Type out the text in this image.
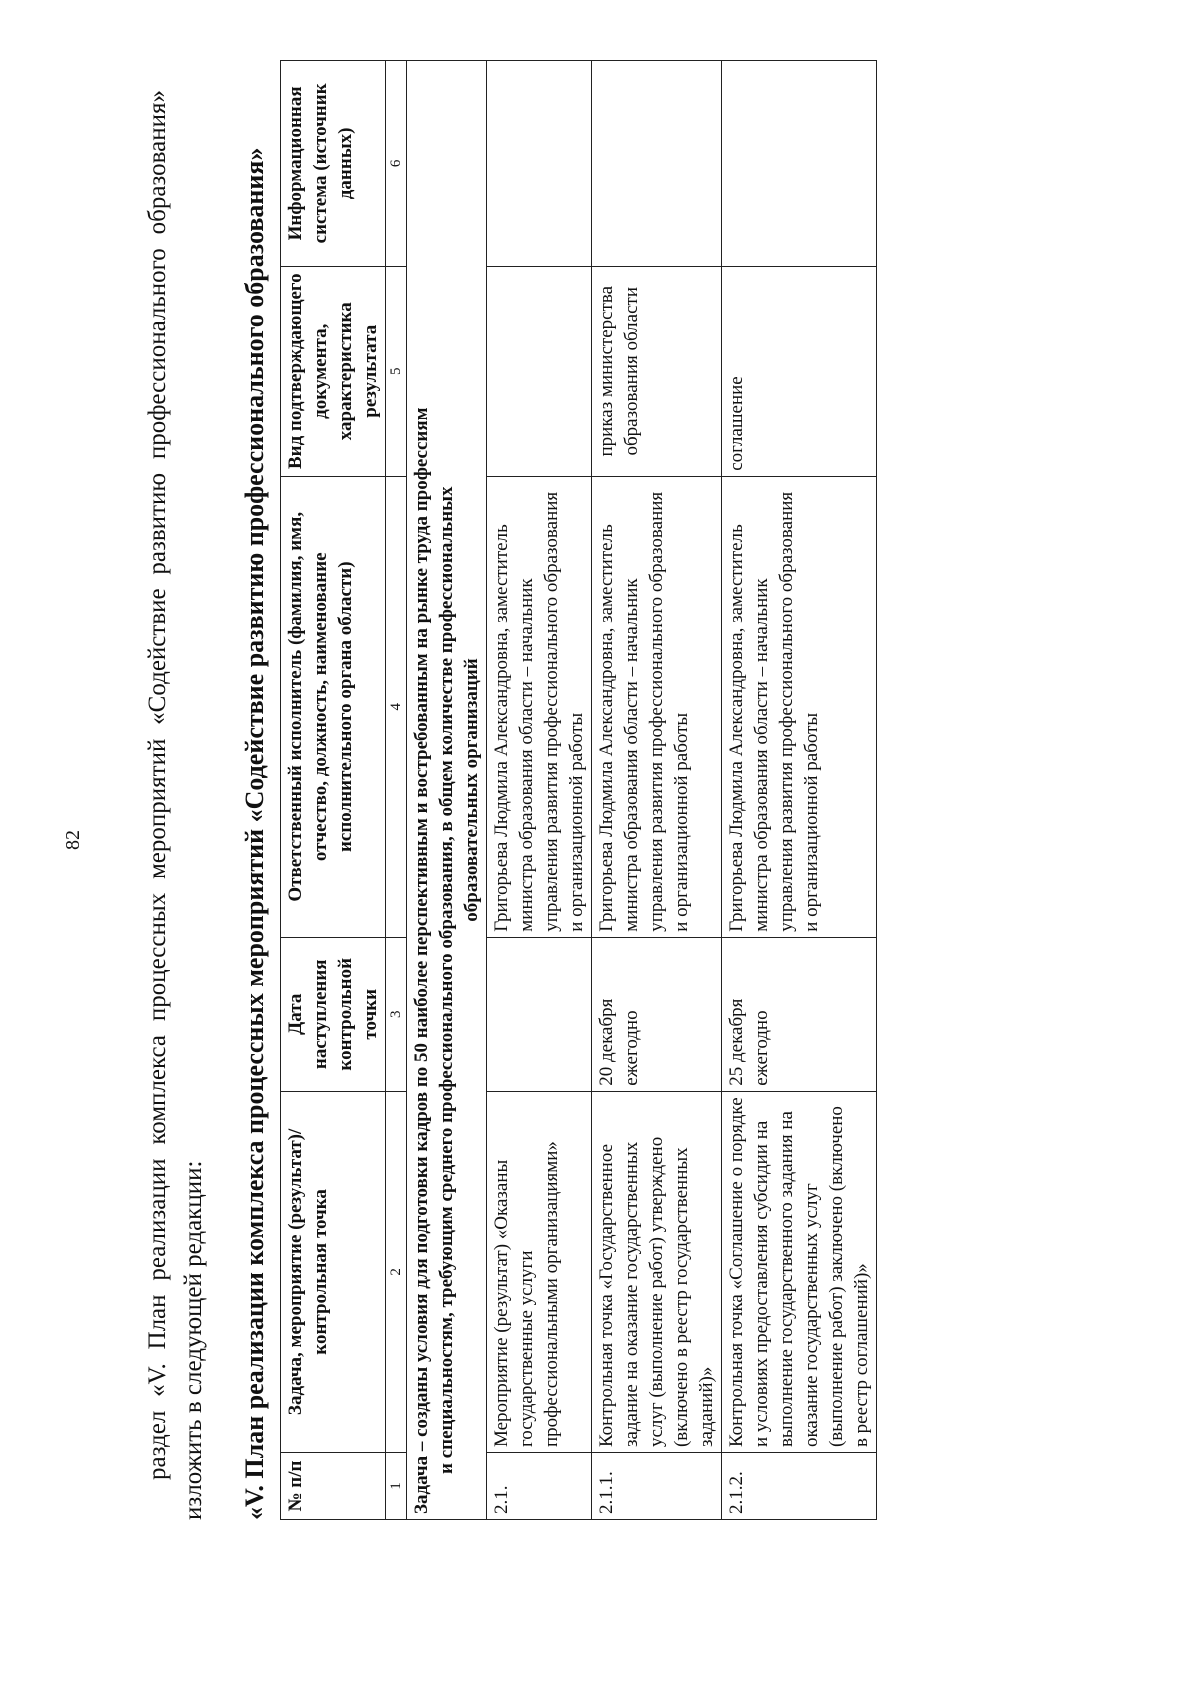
82 раздел «V. План реализации комплекса процессных мероприятий «Содействие развитию профессионального образования» изложить в следующей редакции: «V. План реализации комплекса процессных мероприятий «Содействие развитию профессионального образования» № п/п	Задача, мероприятие (результат)/ контрольная точка	Дата наступления контрольной точки	Ответственный исполнитель (фамилия, имя, отчество, должность, наименование исполнительного органа области)	Вид подтверждающего документа, характеристика результата	Информационная система (источник данных)
1	2	3	4	5	6
Задача – созданы условия для подготовки кадров по 50 наиболее перспективным и востребованным на рынке труда профессиям и специальностям, требующим среднего профессионального образования, в общем количестве профессиональных образовательных организаций					

2.1.	Мероприятие (результат) «Оказаны государственные услуги профессиональными организациями»		Григорьева Людмила Александровна, заместитель министра образования области – начальник управления развития профессионального образования и организационной работы		
2.1.1.	Контрольная точка «Государственное задание на оказание государственных услуг (выполнение работ) утверждено (включено в реестр государственных заданий)»	20 декабря ежегодно	Григорьева Людмила Александровна, заместитель министра образования области – начальник управления развития профессионального образования и организационной работы	приказ министерства образования области	
2.1.2.	Контрольная точка «Соглашение о порядке и условиях предоставления субсидии на выполнение государственного задания на оказание государственных услуг (выполнение работ) заключено (включено в реестр соглашений)»	25 декабря ежегодно	Григорьева Людмила Александровна, заместитель министра образования области – начальник управления развития профессионального образования и организационной работы	соглашение	
